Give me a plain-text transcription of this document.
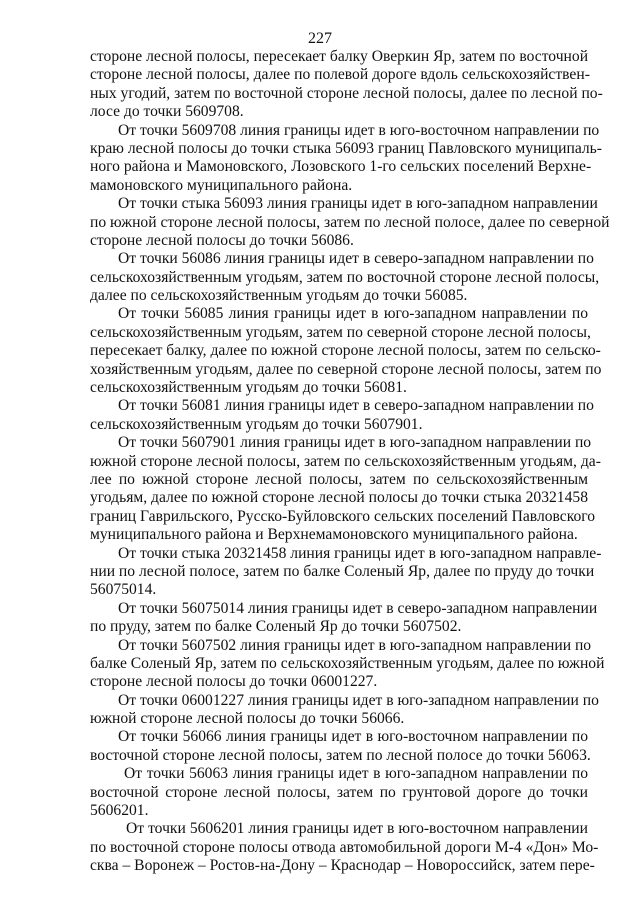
227
стороне лесной полосы, пересекает балку Оверкин Яр, затем по восточной
стороне лесной полосы, далее по полевой дороге вдоль сельскохозяйствен-
ных угодий, затем по восточной стороне лесной полосы, далее по лесной по-
лосе до точки 5609708.
От точки 5609708 линия границы идет в юго-восточном направлении по
краю лесной полосы до точки стыка 56093 границ Павловского муниципаль-
ного района и Мамоновского, Лозовского 1-го сельских поселений Верхне-
мамоновского муниципального района.
От точки стыка 56093 линия границы идет в юго-западном направлении
по южной стороне лесной полосы, затем по лесной полосе, далее по северной
стороне лесной полосы до точки 56086.
От точки 56086 линия границы идет в северо-западном направлении по
сельскохозяйственным угодьям, затем по восточной стороне лесной полосы,
далее по сельскохозяйственным угодьям до точки 56085.
От точки 56085 линия границы идет в юго-западном направлении по
сельскохозяйственным угодьям, затем по северной стороне лесной полосы,
пересекает балку, далее по южной стороне лесной полосы, затем по сельско-
хозяйственным угодьям, далее по северной стороне лесной полосы, затем по
сельскохозяйственным угодьям до точки 56081.
От точки 56081 линия границы идет в северо-западном направлении по
сельскохозяйственным угодьям до точки 5607901.
От точки 5607901 линия границы идет в юго-западном направлении по
южной стороне лесной полосы, затем по сельскохозяйственным угодьям, да-
лее по южной стороне лесной полосы, затем по сельскохозяйственным
угодьям, далее по южной стороне лесной полосы до точки стыка 20321458
границ Гаврильского, Русско-Буйловского сельских поселений Павловского
муниципального района и Верхнемамоновского муниципального района.
От точки стыка 20321458 линия границы идет в юго-западном направле-
нии по лесной полосе, затем по балке Соленый Яр, далее по пруду до точки
56075014.
От точки 56075014 линия границы идет в северо-западном направлении
по пруду, затем по балке Соленый Яр до точки 5607502.
От точки 5607502 линия границы идет в юго-западном направлении по
балке Соленый Яр, затем по сельскохозяйственным угодьям, далее по южной
стороне лесной полосы до точки 06001227.
От точки 06001227 линия границы идет в юго-западном направлении по
южной стороне лесной полосы до точки 56066.
От точки 56066 линия границы идет в юго-восточном направлении по
восточной стороне лесной полосы, затем по лесной полосе до точки 56063.
От точки 56063 линия границы идет в юго-западном направлении по
восточной стороне лесной полосы, затем по грунтовой дороге до точки
5606201.
От точки 5606201 линия границы идет в юго-восточном направлении
по восточной стороне полосы отвода автомобильной дороги М-4 «Дон» Мо-
сква – Воронеж – Ростов-на-Дону – Краснодар – Новороссийск, затем пере-
